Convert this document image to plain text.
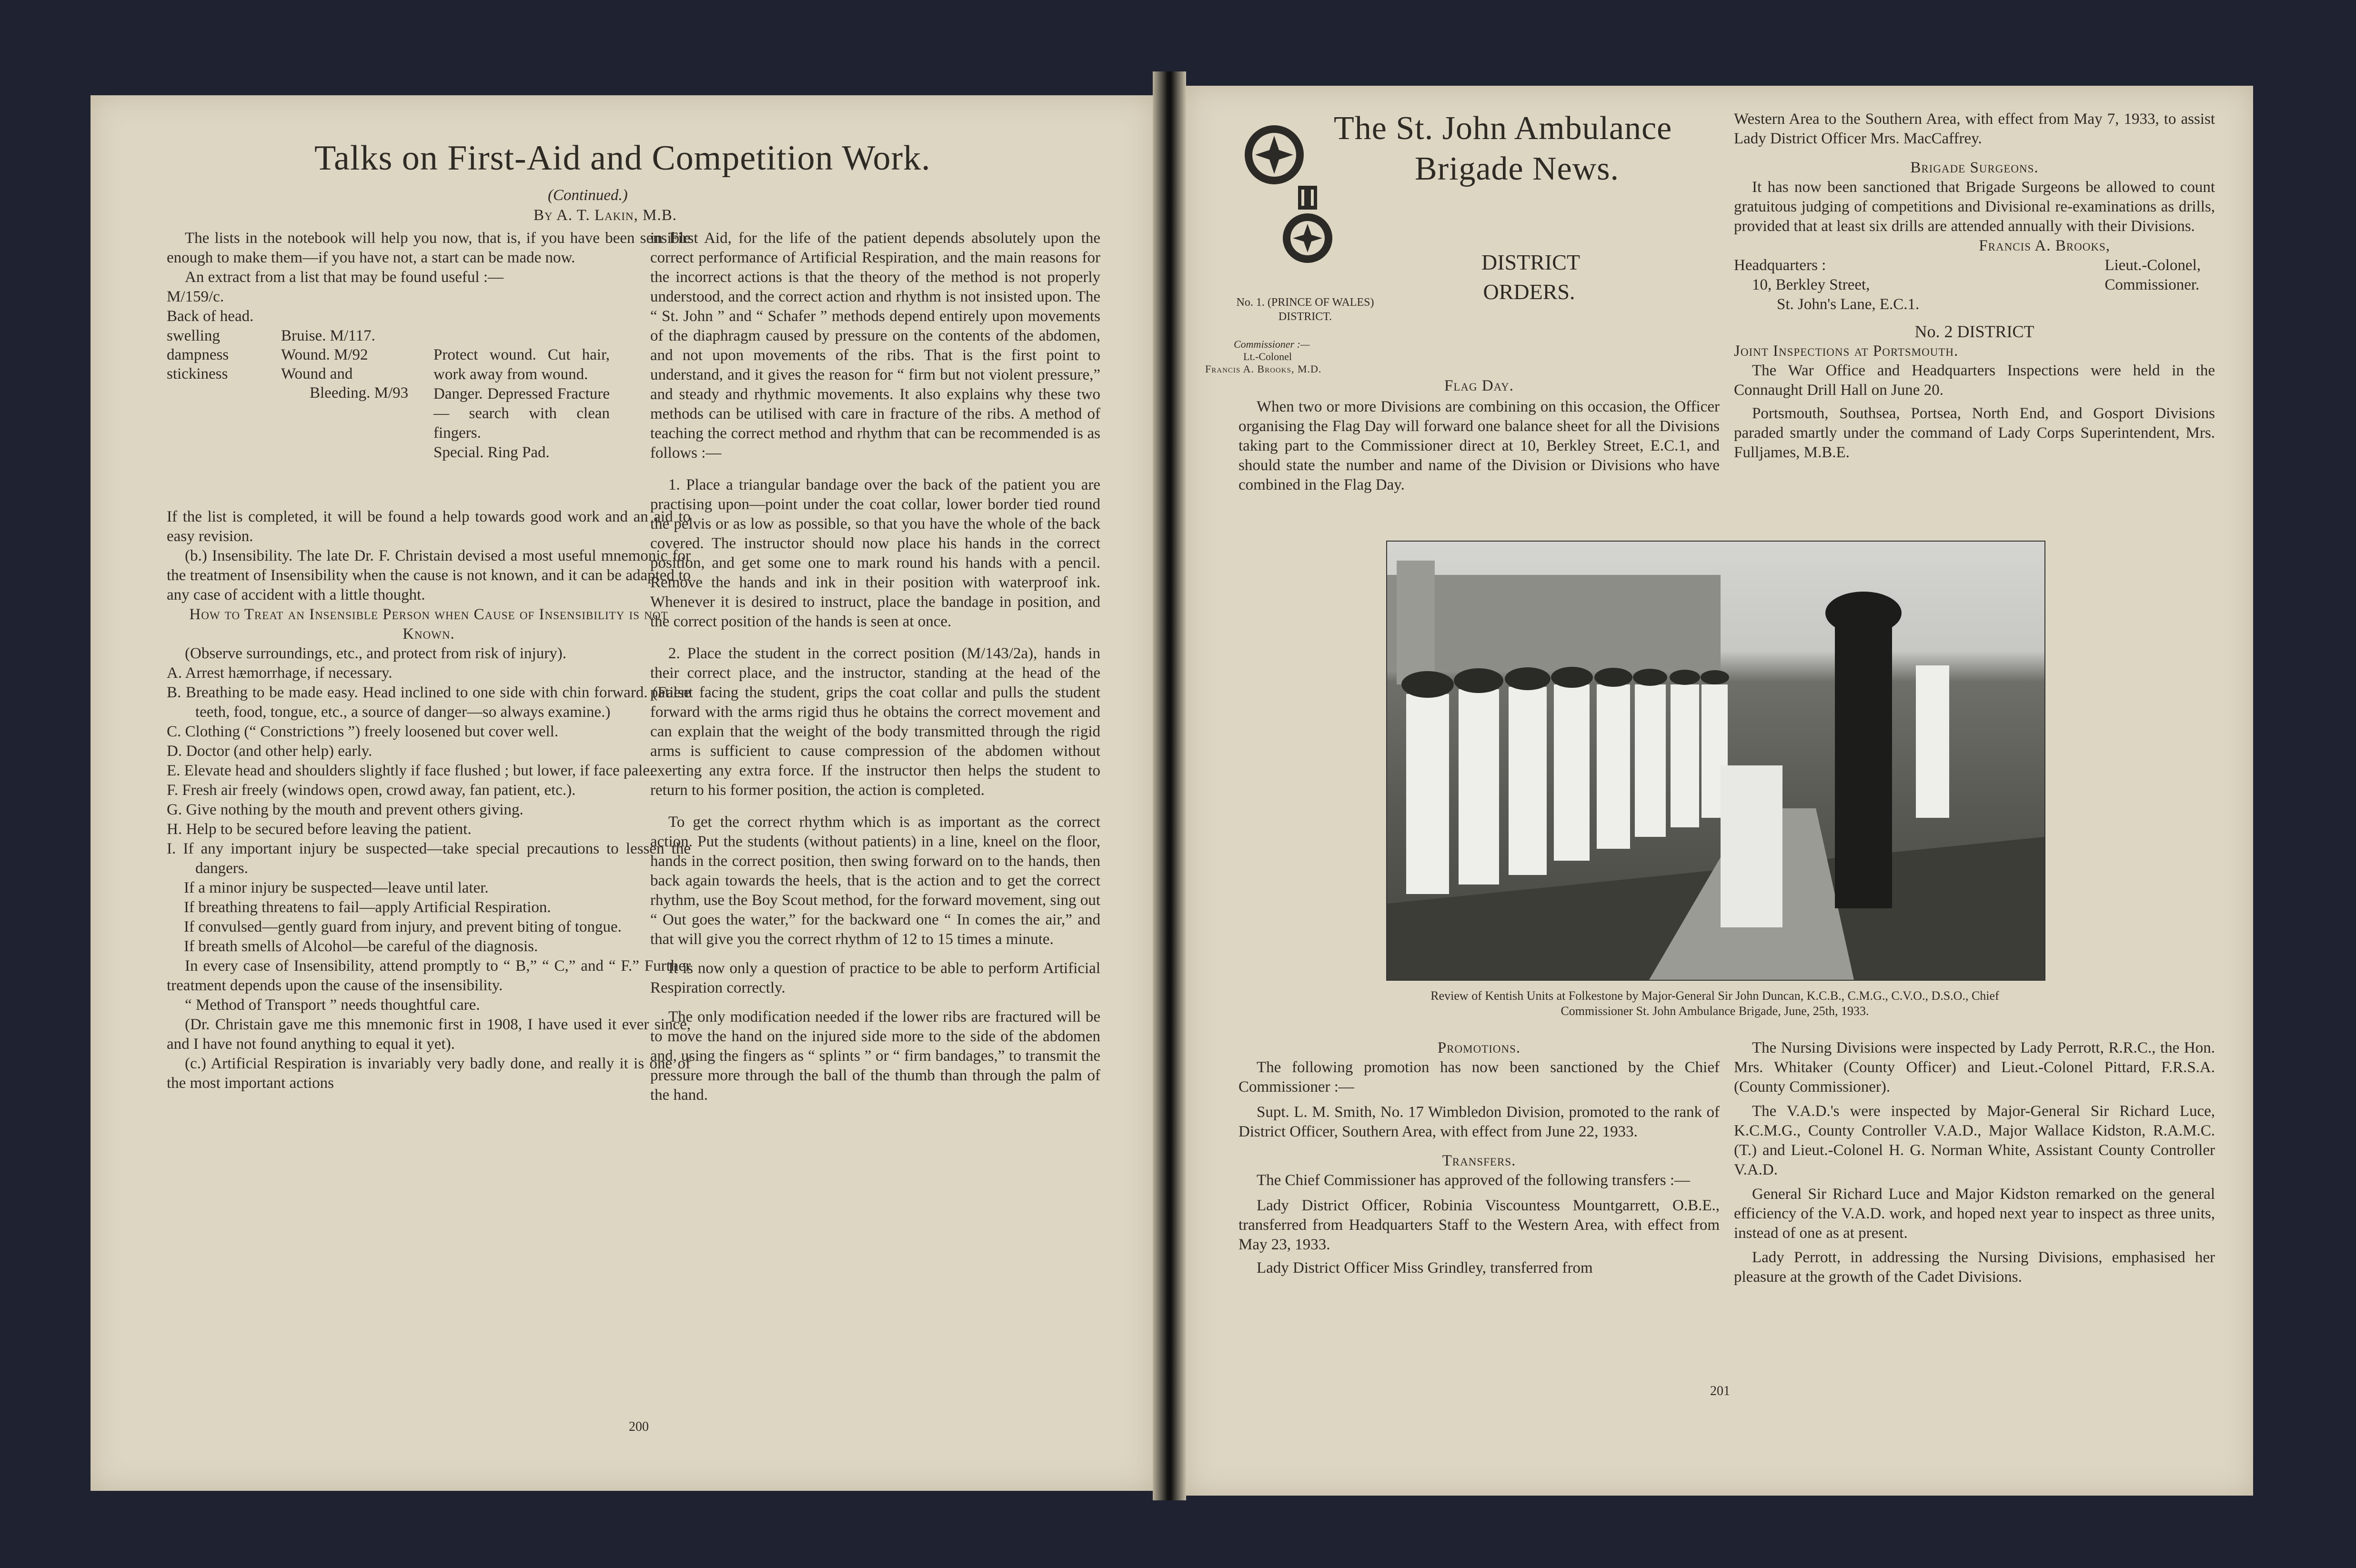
Talks on First-Aid and Competition Work.
(Continued.)
By A. T. Lakin, M.B.

The lists in the notebook will help you now, that is, if you have been sensible enough to make them—if you have not, a start can be made now.

An extract from a list that may be found useful :—

M/159/c.

Back of head.

swelling
dampness
stickiness
Bruise. M/117.
Wound. M/92
Wound and
Bleeding. M/93

Protect wound. Cut hair, work away from wound.

Danger. Depressed Fracture — search with clean fingers.

Special. Ring Pad.

If the list is completed, it will be found a help towards good work and an aid to easy revision.

(b.) Insensibility. The late Dr. F. Christain devised a most useful mnemonic for the treatment of Insensibility when the cause is not known, and it can be adapted to any case of accident with a little thought.

How to Treat an Insensible Person when Cause of Insensibility is not Known.

(Observe surroundings, etc., and protect from risk of injury).

A. Arrest hæmorrhage, if necessary.

B. Breathing to be made easy. Head inclined to one side with chin forward. (False teeth, food, tongue, etc., a source of danger—so always examine.)

C. Clothing (“ Constrictions ”) freely loosened but cover well.

D. Doctor (and other help) early.

E. Elevate head and shoulders slightly if face flushed ; but lower, if face pale.

F. Fresh air freely (windows open, crowd away, fan patient, etc.).

G. Give nothing by the mouth and prevent others giving.

H. Help to be secured before leaving the patient.

I. If any important injury be suspected—take special precautions to lessen the dangers.

If a minor injury be suspected—leave until later.

If breathing threatens to fail—apply Artificial Respiration.

If convulsed—gently guard from injury, and prevent biting of tongue.

If breath smells of Alcohol—be careful of the diagnosis.

In every case of Insensibility, attend promptly to “ B,” “ C,” and “ F.” Further treatment depends upon the cause of the insensibility.

“ Method of Transport ” needs thoughtful care.

(Dr. Christain gave me this mnemonic first in 1908, I have used it ever since, and I have not found anything to equal it yet).

(c.) Artificial Respiration is invariably very badly done, and really it is one of the most important actions

in First Aid, for the life of the patient depends absolutely upon the correct performance of Artificial Respiration, and the main reasons for the incorrect actions is that the theory of the method is not properly understood, and the correct action and rhythm is not insisted upon. The “ St. John ” and “ Schafer ” methods depend entirely upon movements of the diaphragm caused by pressure on the contents of the abdomen, and not upon movements of the ribs. That is the first point to understand, and it gives the reason for “ firm but not violent pressure,” and steady and rhythmic movements. It also explains why these two methods can be utilised with care in fracture of the ribs. A method of teaching the correct method and rhythm that can be recommended is as follows :—

1. Place a triangular bandage over the back of the patient you are practising upon—point under the coat collar, lower border tied round the pelvis or as low as possible, so that you have the whole of the back covered. The instructor should now place his hands in the correct position, and get some one to mark round his hands with a pencil. Remove the hands and ink in their position with waterproof ink. Whenever it is desired to instruct, place the bandage in position, and the correct position of the hands is seen at once.

2. Place the student in the correct position (M/143/2a), hands in their correct place, and the instructor, standing at the head of the patient facing the student, grips the coat collar and pulls the student forward with the arms rigid thus he obtains the correct movement and can explain that the weight of the body transmitted through the rigid arms is sufficient to cause compression of the abdomen without exerting any extra force. If the instructor then helps the student to return to his former position, the action is completed.

To get the correct rhythm which is as important as the correct action. Put the students (without patients) in a line, kneel on the floor, hands in the correct position, then swing forward on to the hands, then back again towards the heels, that is the action and to get the correct rhythm, use the Boy Scout method, for the forward movement, sing out “ Out goes the water,” for the backward one “ In comes the air,” and that will give you the correct rhythm of 12 to 15 times a minute.

It is now only a question of practice to be able to perform Artificial Respiration correctly.

The only modification needed if the lower ribs are fractured will be to move the hand on the injured side more to the side of the abdomen and, using the fingers as “ splints ” or “ firm bandages,” to transmit the pressure more through the ball of the thumb than through the palm of the hand.

200
The St. John Ambulance
Brigade News.
No. 1. (PRINCE OF WALES) DISTRICT.
Commissioner :—
Lt.-Colonel
Francis A. Brooks, M.D.
DISTRICT ORDERS.
Flag Day.

When two or more Divisions are combining on this occasion, the Officer organising the Flag Day will forward one balance sheet for all the Divisions taking part to the Commissioner direct at 10, Berkley Street, E.C.1, and should state the number and name of the Division or Divisions who have combined in the Flag Day.

Western Area to the Southern Area, with effect from May 7, 1933, to assist Lady District Officer Mrs. MacCaffrey.

Brigade Surgeons.

It has now been sanctioned that Brigade Surgeons be allowed to count gratuitous judging of competitions and Divisional re-examinations as drills, provided that at least six drills are attended annually with their Divisions.

Francis A. Brooks,

Headquarters :
10, Berkley Street,
St. John's Lane, E.C.1.
Lieut.-Colonel,
Commissioner.

No. 2 DISTRICT

Joint Inspections at Portsmouth.

The War Office and Headquarters Inspections were held in the Connaught Drill Hall on June 20.

Portsmouth, Southsea, Portsea, North End, and Gosport Divisions paraded smartly under the command of Lady Corps Superintendent, Mrs. Fulljames, M.B.E.

Review of Kentish Units at Folkestone by Major-General Sir John Duncan, K.C.B., C.M.G., C.V.O., D.S.O., Chief Commissioner St. John Ambulance Brigade, June, 25th, 1933.

Promotions.

The following promotion has now been sanctioned by the Chief Commissioner :—

Supt. L. M. Smith, No. 17 Wimbledon Division, promoted to the rank of District Officer, Southern Area, with effect from June 22, 1933.

Transfers.

The Chief Commissioner has approved of the following transfers :—

Lady District Officer, Robinia Viscountess Mountgarrett, O.B.E., transferred from Headquarters Staff to the Western Area, with effect from May 23, 1933.

Lady District Officer Miss Grindley, transferred from

The Nursing Divisions were inspected by Lady Perrott, R.R.C., the Hon. Mrs. Whitaker (County Officer) and Lieut.-Colonel Pittard, F.R.S.A. (County Commissioner).

The V.A.D.'s were inspected by Major-General Sir Richard Luce, K.C.M.G., County Controller V.A.D., Major Wallace Kidston, R.A.M.C. (T.) and Lieut.-Colonel H. G. Norman White, Assistant County Controller V.A.D.

General Sir Richard Luce and Major Kidston remarked on the general efficiency of the V.A.D. work, and hoped next year to inspect as three units, instead of one as at present.

Lady Perrott, in addressing the Nursing Divisions, emphasised her pleasure at the growth of the Cadet Divisions.

201
